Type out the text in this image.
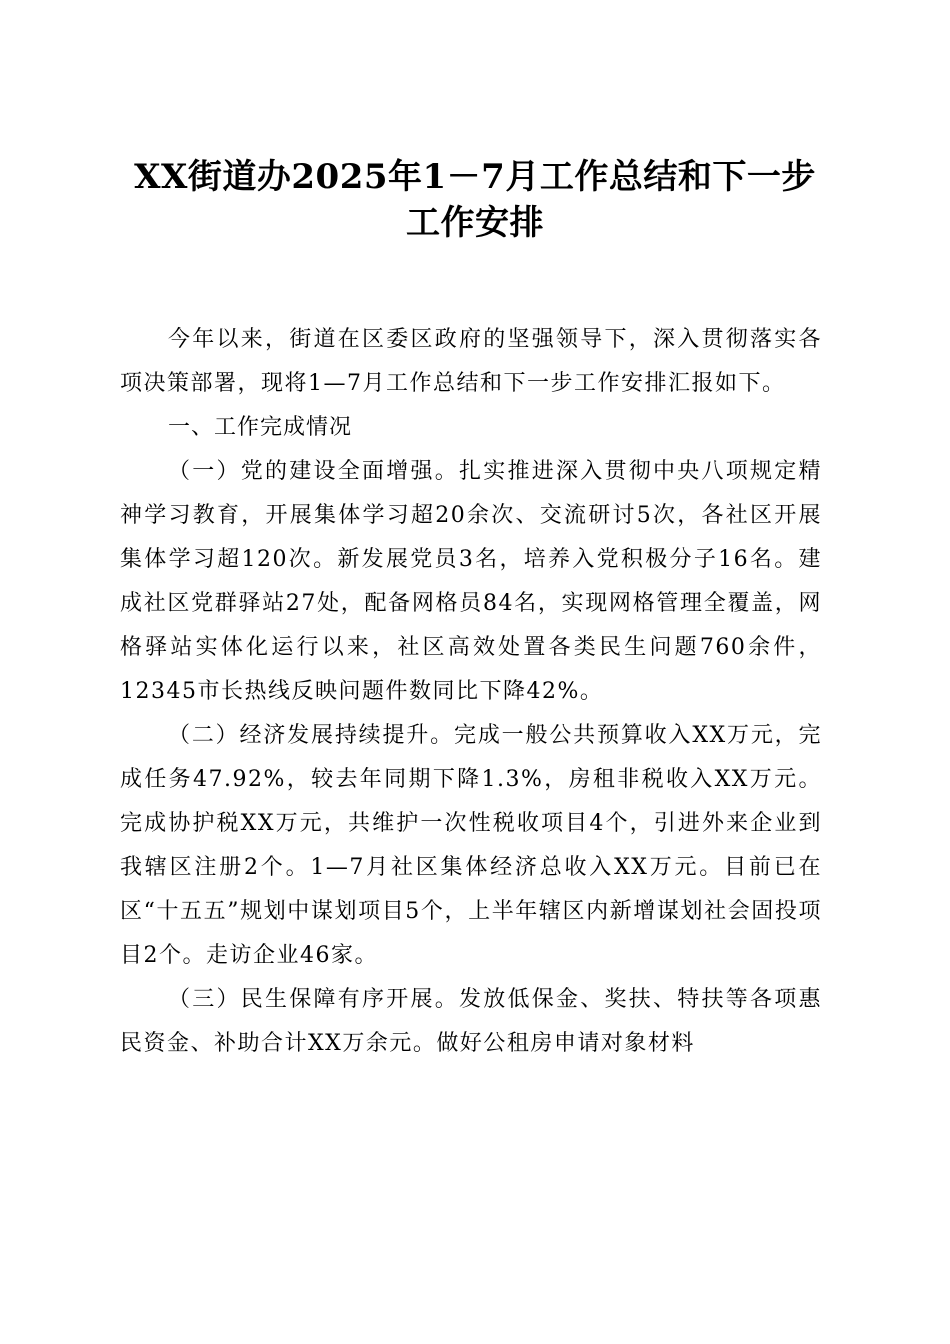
XX街道办2025年1－7月工作总结和下一步
工作安排

今年以来，街道在区委区政府的坚强领导下，深入贯彻落实各项决策部署，现将1—7月工作总结和下一步工作安排汇报如下。

一、工作完成情况

（一）党的建设全面增强。扎实推进深入贯彻中央八项规定精神学习教育，开展集体学习超20余次、交流研讨5次，各社区开展集体学习超120次。新发展党员3名，培养入党积极分子16名。建成社区党群驿站27处，配备网格员84名，实现网格管理全覆盖，网格驿站实体化运行以来，社区高效处置各类民生问题760余件，12345市长热线反映问题件数同比下降42%。

（二）经济发展持续提升。完成一般公共预算收入XX万元，完成任务47.92%，较去年同期下降1.3%，房租非税收入XX万元。完成协护税XX万元，共维护一次性税收项目4个，引进外来企业到我辖区注册2个。1—7月社区集体经济总收入XX万元。目前已在区“十五五”规划中谋划项目5个，上半年辖区内新增谋划社会固投项目2个。走访企业46家。

（三）民生保障有序开展。发放低保金、奖扶、特扶等各项惠民资金、补助合计XX万余元。做好公租房申请对象材料
